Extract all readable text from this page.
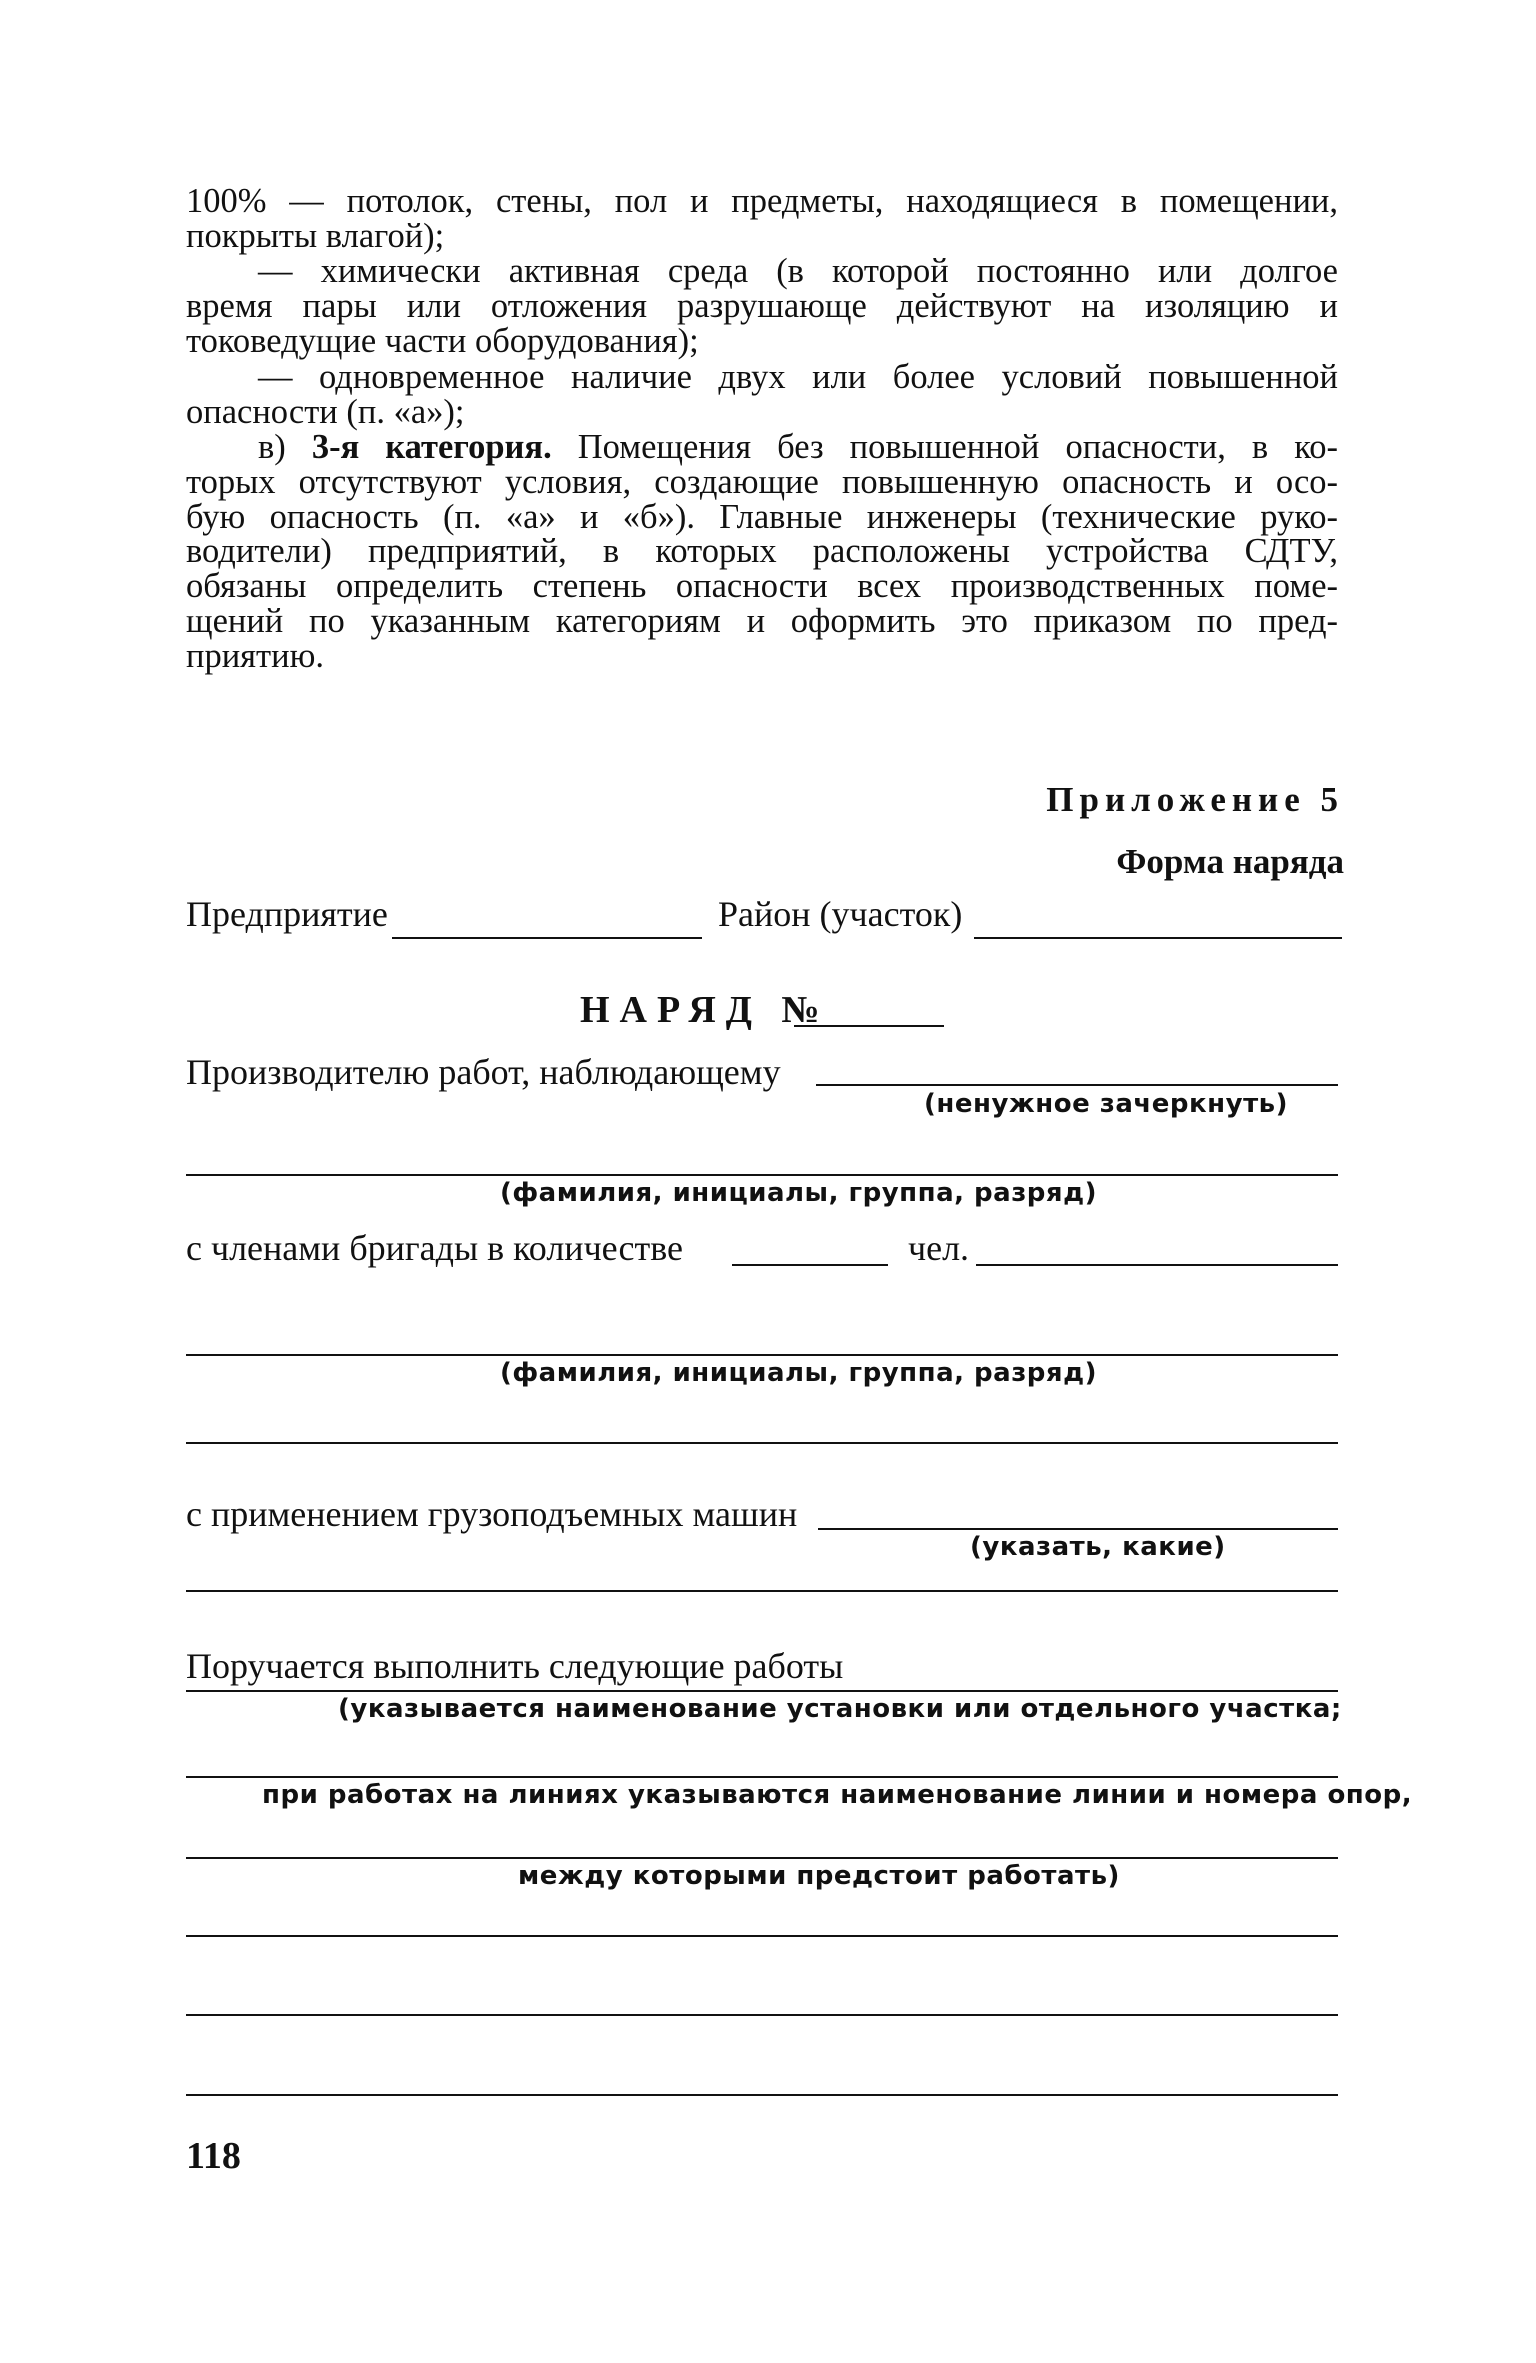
100% — потолок, стены, пол и предметы, находящиеся в помещении,
покрыты влагой);
— химически активная среда (в которой постоянно или долгое
время пары или отложения разрушающе действуют на изоляцию и
токоведущие части оборудования);
— одновременное наличие двух или более условий повышенной
опасности (п. «а»);
в) 3-я категория. Помещения без повышенной опасности, в ко-
торых отсутствуют условия, создающие повышенную опасность и осо-
бую опасность (п. «а» и «б»). Главные инженеры (технические руко-
водители) предприятий, в которых расположены устройства СДТУ,
обязаны определить степень опасности всех производственных поме-
щений по указанным категориям и оформить это приказом по пред-
приятию.
Приложение 5
Форма наряда
Предприятие	Район (участок)
НАРЯД №
Производителю работ, наблюдающему
(ненужное зачеркнуть)
(фамилия, инициалы, группа, разряд)
с членами бригады в количестве	чел.
(фамилия, инициалы, группа, разряд)
с применением грузоподъемных машин
(указать, какие)
Поручается выполнить следующие работы
(указывается наименование установки или отдельного участка;
при работах на линиях указываются наименование линии и номера опор,
между которыми предстоит работать)
118
